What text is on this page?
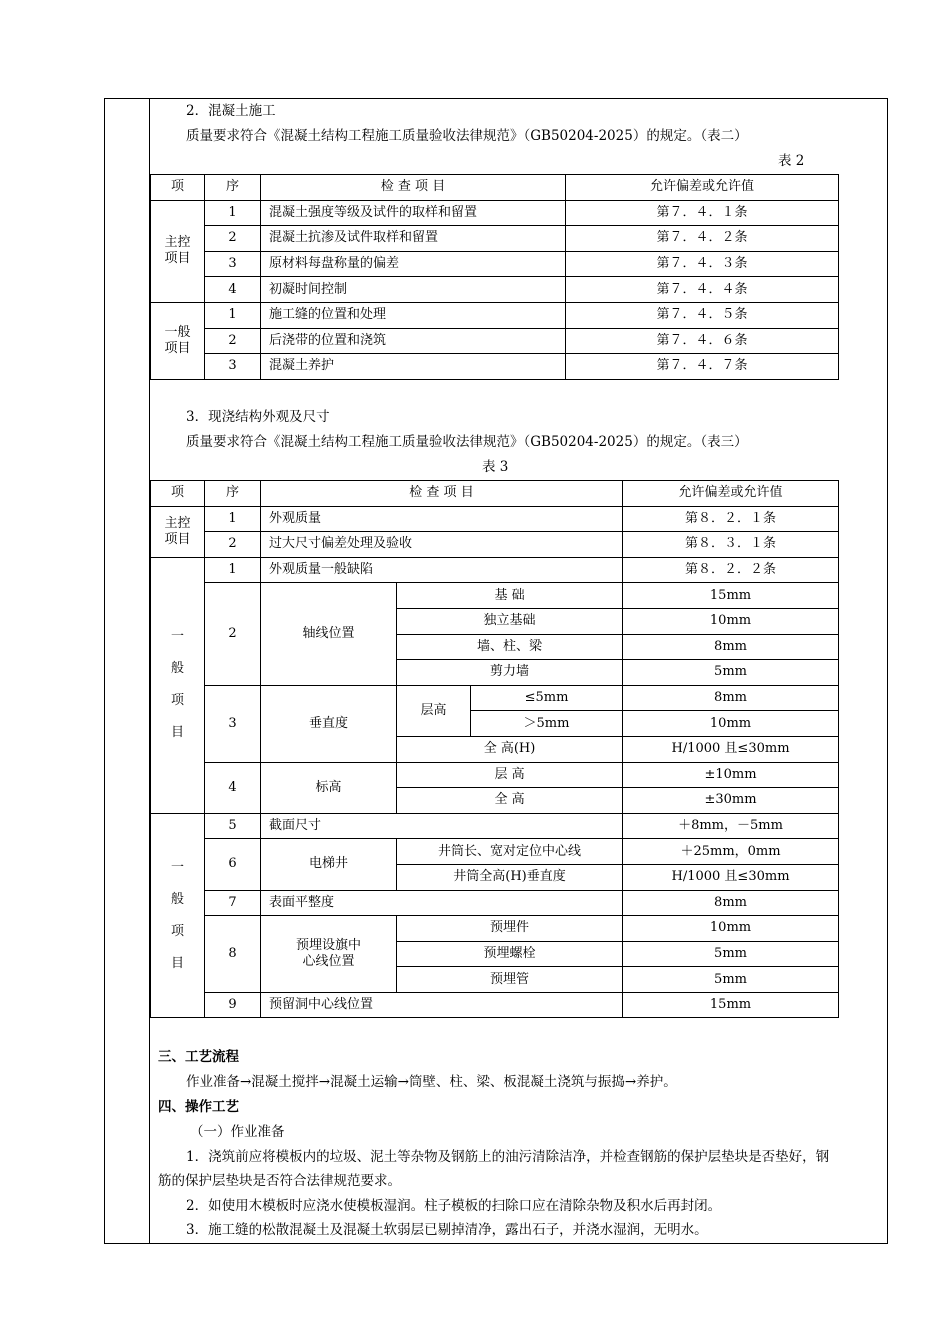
2．混凝土施工
质量要求符合《混凝土结构工程施工质量验收法律规范》（GB50204-2025）的规定。（表二）
表 2
项	序	检 查 项 目	允许偏差或允许值
主控
项目	1	混凝土强度等级及试件的取样和留置	第７．４．１条
	2	混凝土抗渗及试件取样和留置	第７．４．２条
	3	原材料每盘称量的偏差	第７．４．３条
	4	初凝时间控制	第７．４．４条
一般
项目	1	施工缝的位置和处理	第７．４．５条
	2	后浇带的位置和浇筑	第７．４．６条
	3	混凝土养护	第７．４．７条
3．现浇结构外观及尺寸
质量要求符合《混凝土结构工程施工质量验收法律规范》（GB50204-2025）的规定。（表三）
表 3
项	序	检 查 项 目			允许偏差或允许值
主控
项目	1	外观质量			第８．２．１条
	2	过大尺寸偏差处理及验收			第８．３．１条
一

般

项

目	1	外观质量一般缺陷			第８．２．２条
	2	轴线位置	基 础		15mm
			独立基础		10mm
			墙、柱、梁		8mm
			剪力墙		5mm
	3	垂直度	层高	≤5mm	8mm
				＞5mm	10mm
			全 高(H)		H/1000 且≤30mm
	4	标高	层 高		±10mm
			全 高		±30mm
一

般

项

目	5	截面尺寸			＋8mm，－5mm
	6	电梯井	井筒长、宽对定位中心线		＋25mm，0mm
			井筒全高(H)垂直度		H/1000 且≤30mm
	7	表面平整度			8mm
	8	预埋设旗中
心线位置	预埋件		10mm
			预埋螺栓		5mm
			预埋管		5mm
	9	预留洞中心线位置			15mm
三、工艺流程
作业准备→混凝土搅拌→混凝土运输→筒壁、柱、梁、板混凝土浇筑与振捣→养护。
四、操作工艺
（一）作业准备
1．浇筑前应将模板内的垃圾、泥土等杂物及钢筋上的油污清除洁净，并检查钢筋的保护层垫块是否垫好，钢
筋的保护层垫块是否符合法律规范要求。
2．如使用木模板时应浇水使模板湿润。柱子模板的扫除口应在清除杂物及积水后再封闭。
3．施工缝的松散混凝土及混凝土软弱层已剔掉清净，露出石子，并浇水湿润，无明水。
